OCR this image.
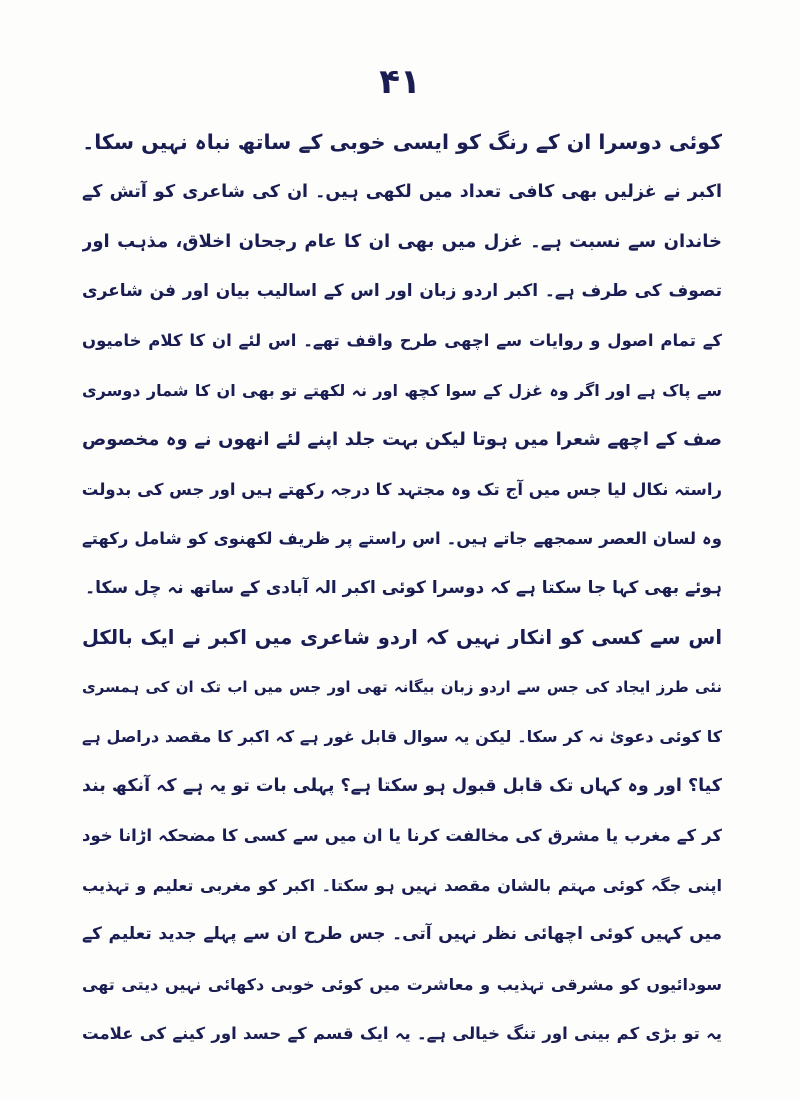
۴۱
کوئی دوسرا ان کے رنگ کو ایسی خوبی کے ساتھ نباہ نہیں سکا۔
اکبر نے غزلیں بھی کافی تعداد میں لکھی ہیں۔ ان کی شاعری کو آتش کے
خاندان سے نسبت ہے۔ غزل میں بھی ان کا عام رجحان اخلاق، مذہب اور
تصوف کی طرف ہے۔ اکبر اردو زبان اور اس کے اسالیب بیان اور فن شاعری
کے تمام اصول و روایات سے اچھی طرح واقف تھے۔ اس لئے ان کا کلام خامیوں
سے پاک ہے اور اگر وہ غزل کے سوا کچھ اور نہ لکھتے تو بھی ان کا شمار دوسری
صف کے اچھے شعرا میں ہوتا لیکن بہت جلد اپنے لئے انھوں نے وہ مخصوص
راستہ نکال لیا جس میں آج تک وہ مجتہد کا درجہ رکھتے ہیں اور جس کی بدولت
وہ لسان العصر سمجھے جاتے ہیں۔ اس راستے پر ظریف لکھنوی کو شامل رکھتے
ہوئے بھی کہا جا سکتا ہے کہ دوسرا کوئی اکبر الہ آبادی کے ساتھ نہ چل سکا۔
اس سے کسی کو انکار نہیں کہ اردو شاعری میں اکبر نے ایک بالکل
نئی طرز ایجاد کی جس سے اردو زبان بیگانہ تھی اور جس میں اب تک ان کی ہمسری
کا کوئی دعویٰ نہ کر سکا۔ لیکن یہ سوال قابل غور ہے کہ اکبر کا مقصد دراصل ہے
کیا؟ اور وہ کہاں تک قابل قبول ہو سکتا ہے؟ پہلی بات تو یہ ہے کہ آنکھ بند
کر کے مغرب یا مشرق کی مخالفت کرنا یا ان میں سے کسی کا مضحکہ اڑانا خود
اپنی جگہ کوئی مہتم بالشان مقصد نہیں ہو سکتا۔ اکبر کو مغربی تعلیم و تہذیب
میں کہیں کوئی اچھائی نظر نہیں آتی۔ جس طرح ان سے پہلے جدید تعلیم کے
سودائیوں کو مشرقی تہذیب و معاشرت میں کوئی خوبی دکھائی نہیں دیتی تھی
یہ تو بڑی کم بینی اور تنگ خیالی ہے۔ یہ ایک قسم کے حسد اور کینے کی علامت
